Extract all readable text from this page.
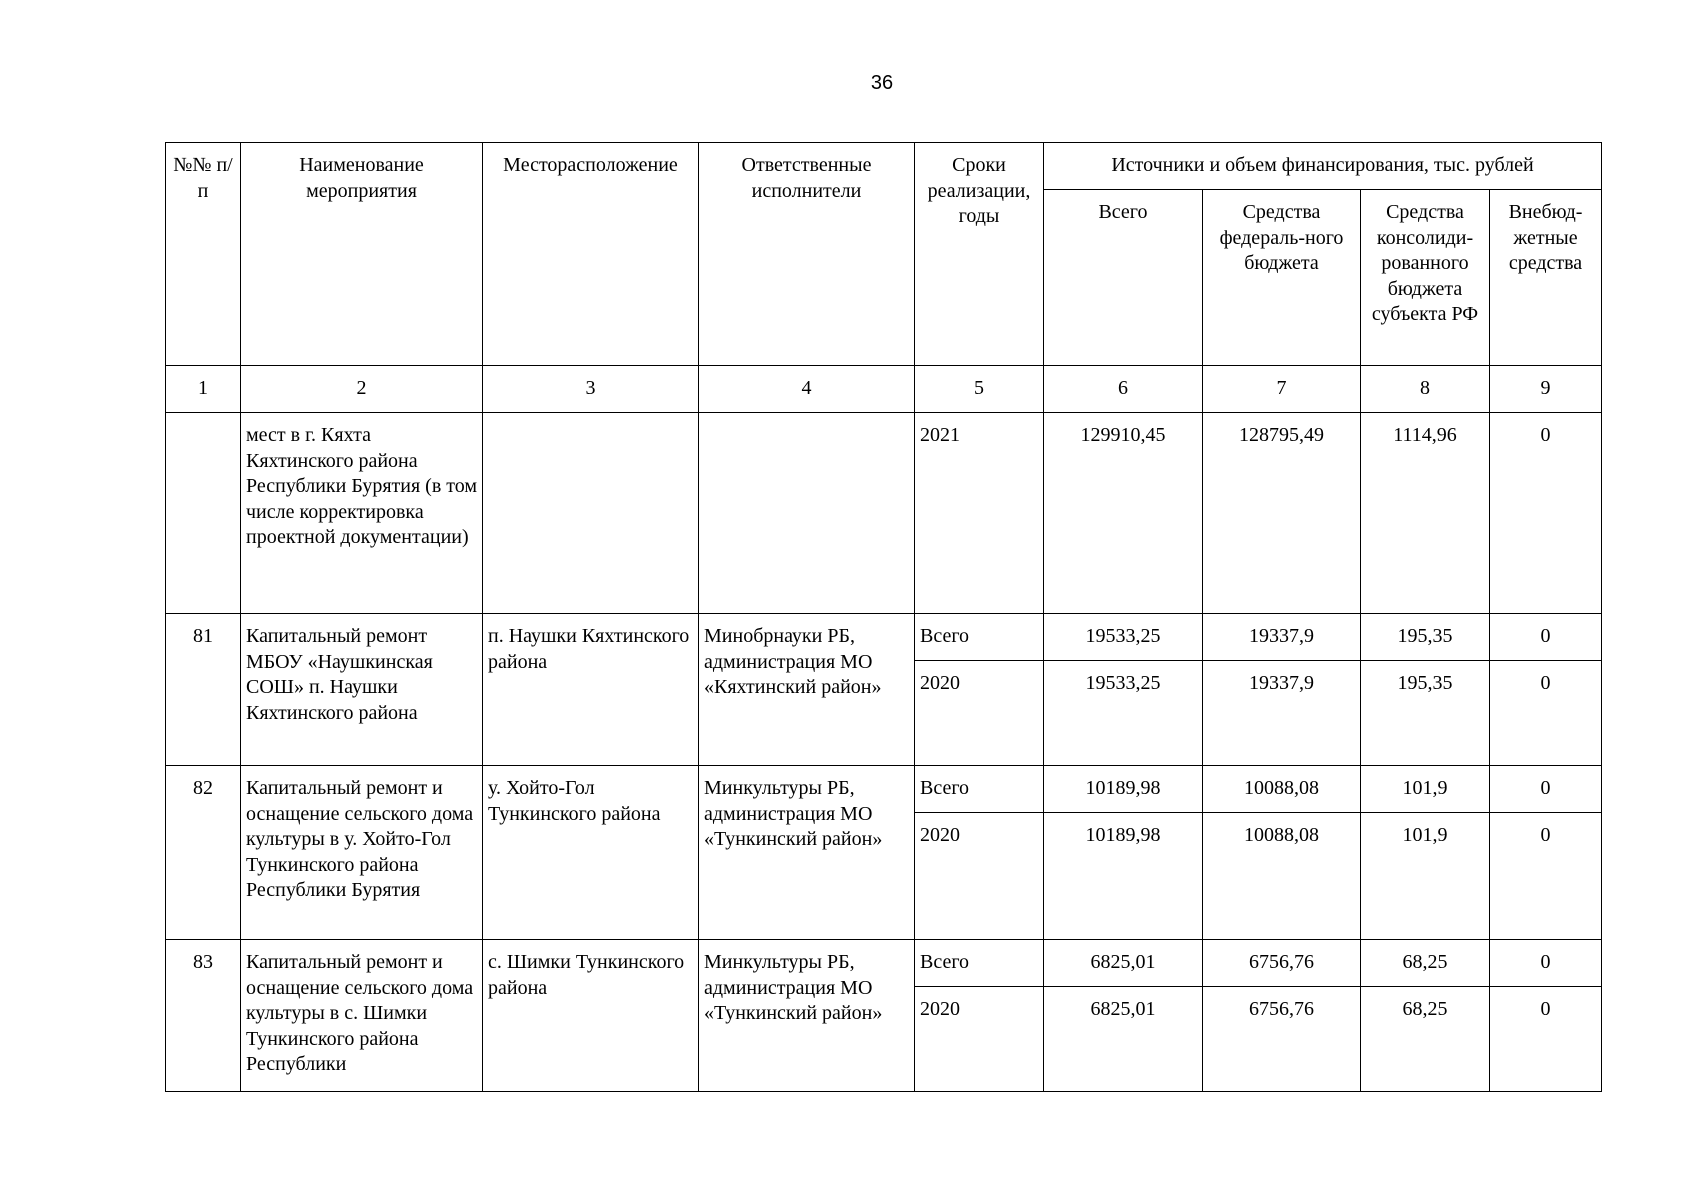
36
№№ п/п	Наименование мероприятия	Месторасположение	Ответственные исполнители	Сроки реализации, годы	Источники и объем финансирования, тыс. рублей			
					Всего	Средства федераль-ного бюджета	Средства консолиди-рованного бюджета субъекта РФ	Внебюд-жетные средства
1	2	3	4	5	6	7	8	9
	мест в г. Кяхта Кяхтинского района Республики Бурятия (в том числе корректировка проектной документации)			2021	129910,45	128795,49	1114,96	0
81	Капитальный ремонт МБОУ «Наушкинская СОШ» п. Наушки Кяхтинского района	п. Наушки Кяхтинского района	Минобрнауки РБ, администрация МО «Кяхтинский район»	Всего	19533,25	19337,9	195,35	0
				2020	19533,25	19337,9	195,35	0
82	Капитальный ремонт и оснащение сельского дома культуры в у. Хойто-Гол Тункинского района Республики Бурятия	у. Хойто-Гол Тункинского района	Минкультуры РБ, администрация МО «Тункинский район»	Всего	10189,98	10088,08	101,9	0
				2020	10189,98	10088,08	101,9	0
83	Капитальный ремонт и оснащение сельского дома культуры в с. Шимки Тункинского района Республики	с. Шимки Тункинского района	Минкультуры РБ, администрация МО «Тункинский район»	Всего	6825,01	6756,76	68,25	0
				2020	6825,01	6756,76	68,25	0
